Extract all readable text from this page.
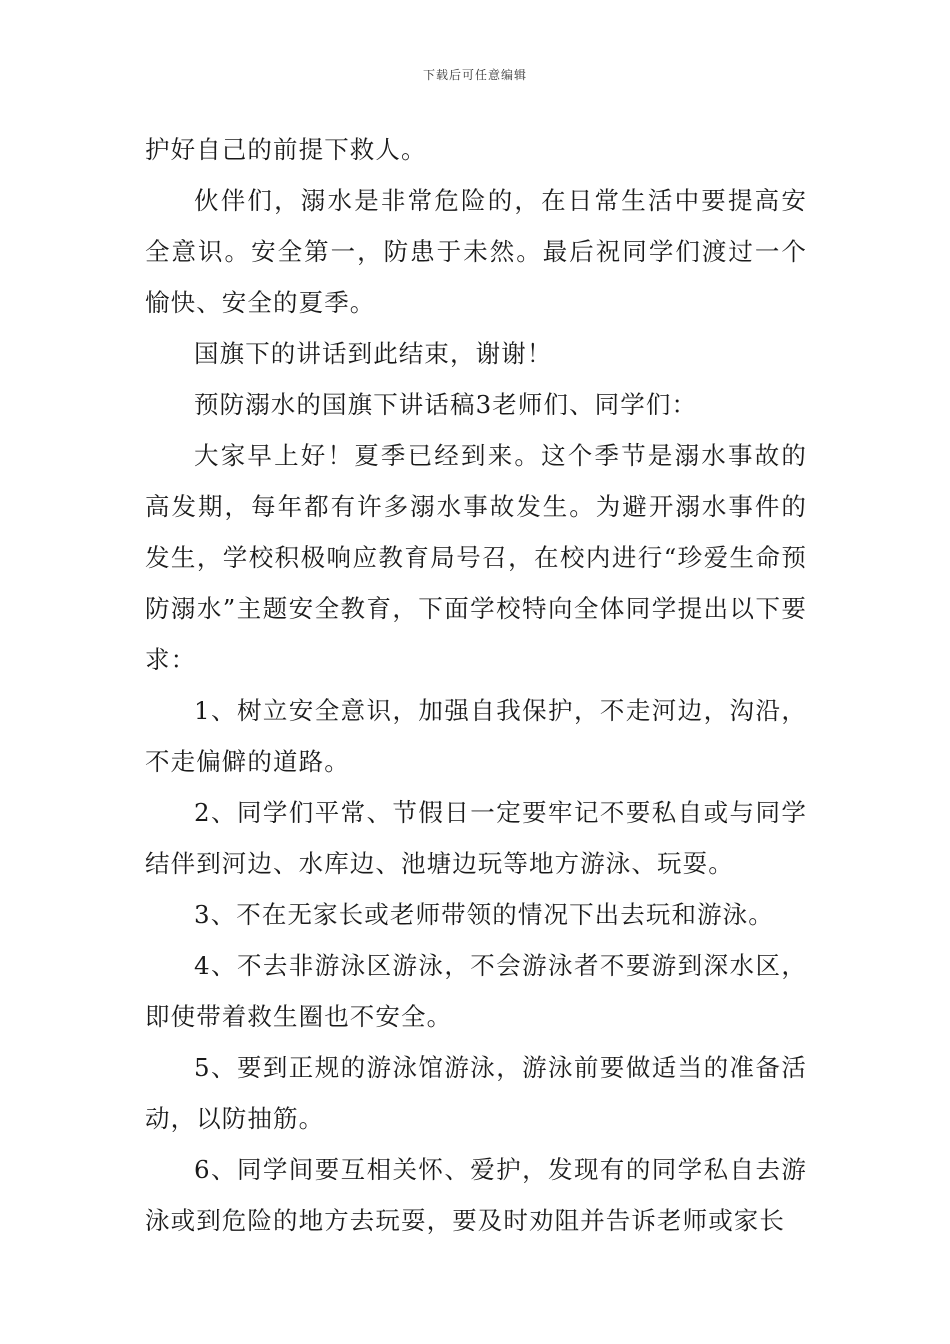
下载后可任意编辑

护好自己的前提下救人。

伙伴们，溺水是非常危险的，在日常生活中要提高安全意识。安全第一，防患于未然。最后祝同学们渡过一个愉快、安全的夏季。

国旗下的讲话到此结束，谢谢！

预防溺水的国旗下讲话稿3老师们、同学们：

大家早上好！夏季已经到来。这个季节是溺水事故的高发期，每年都有许多溺水事故发生。为避开溺水事件的发生，学校积极响应教育局号召，在校内进行“珍爱生命预防溺水”主题安全教育，下面学校特向全体同学提出以下要求：

1、树立安全意识，加强自我保护，不走河边，沟沿，不走偏僻的道路。

2、同学们平常、节假日一定要牢记不要私自或与同学结伴到河边、水库边、池塘边玩等地方游泳、玩耍。

3、不在无家长或老师带领的情况下出去玩和游泳。

4、不去非游泳区游泳，不会游泳者不要游到深水区，即使带着救生圈也不安全。

5、要到正规的游泳馆游泳，游泳前要做适当的准备活动，以防抽筋。

6、同学间要互相关怀、爱护，发现有的同学私自去游泳或到危险的地方去玩耍，要及时劝阻并告诉老师或家长
